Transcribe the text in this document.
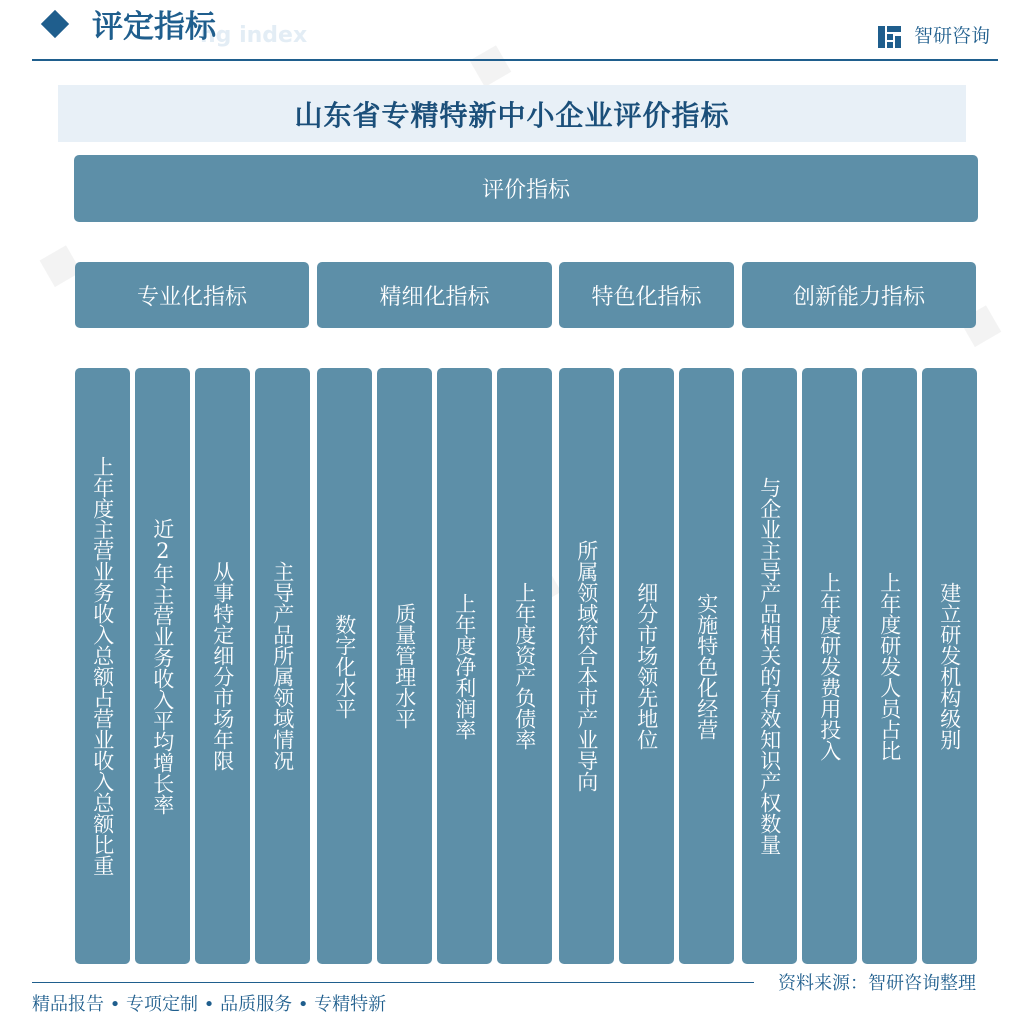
ng index
评定指标	智研咨询
山东省专精特新中小企业评价指标
评价指标
专业化指标	精细化指标	特色化指标	创新能力指标
上年度主营业务收入总额占营业收入总额比重 近2年主营业务收入平均增长率 从事特定细分市场年限 主导产品所属领域情况 数字化水平 质量管理水平 上年度净利润率 上年度资产负债率 所属领域符合本市产业导向 细分市场领先地位 实施特色化经营 与企业主导产品相关的有效知识产权数量 上年度研发费用投入 上年度研发人员占比 建立研发机构级别
资料来源：智研咨询整理
精品报告 • 专项定制 • 品质服务 • 专精特新
